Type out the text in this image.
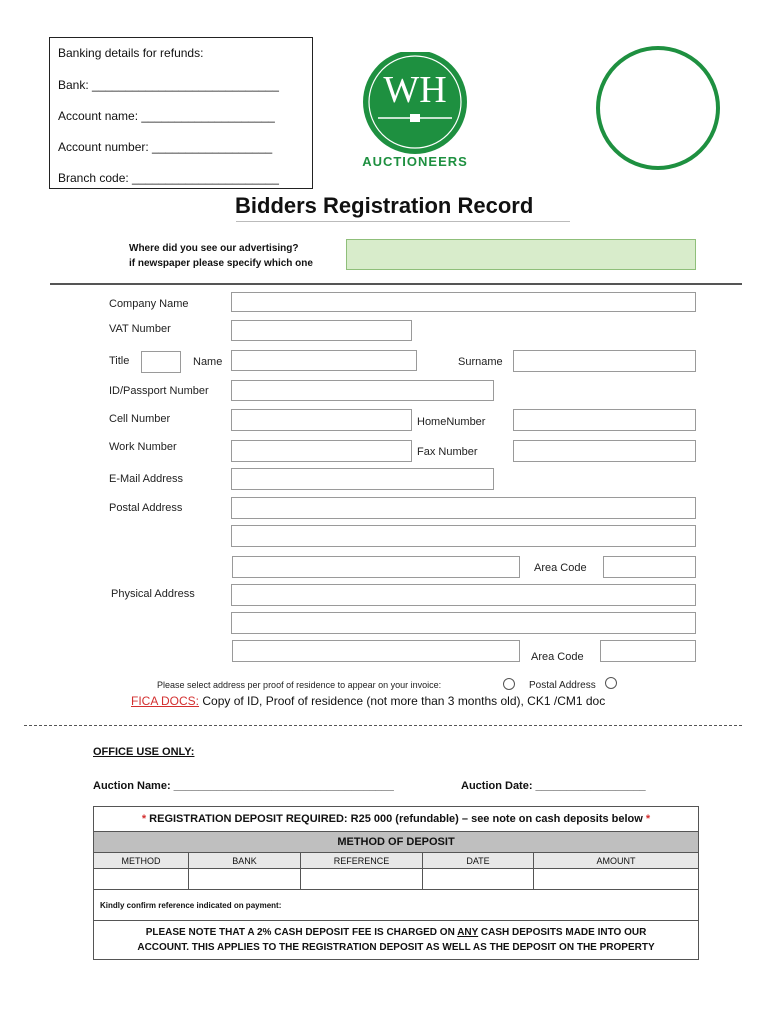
Banking details for refunds:
Bank: ____________________________
Account name: ____________________
Account number: __________________
Branch code: ______________________
WH
AUCTIONEERS
Bidders Registration Record
Where did you see our advertising?
if newspaper please specify which one
Company Name
VAT Number
Title	Name	Surname
ID/Passport Number
Cell Number	HomeNumber
Work Number	Fax Number
E-Mail Address
Postal Address
Area Code
Physical Address
Area Code
Please select address per proof of residence to appear on your invoice:	Postal Address
FICA DOCS: Copy of ID, Proof of residence (not more than 3 months old), CK1 /CM1 doc
OFFICE USE ONLY:
Auction Name: ____________________________________	Auction Date: __________________
* REGISTRATION DEPOSIT REQUIRED: R25 000 (refundable) – see note on cash deposits below *				
METHOD OF DEPOSIT				
METHOD	BANK	REFERENCE	DATE	AMOUNT

Kindly confirm reference indicated on payment:				
PLEASE NOTE THAT A 2% CASH DEPOSIT FEE IS CHARGED ON ANY CASH DEPOSITS MADE INTO OUR
ACCOUNT. THIS APPLIES TO THE REGISTRATION DEPOSIT AS WELL AS THE DEPOSIT ON THE PROPERTY				
